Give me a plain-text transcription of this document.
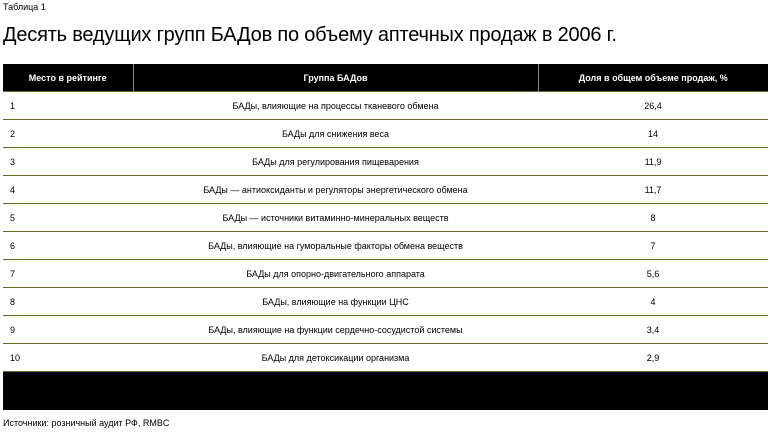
Таблица 1
Десять ведущих групп БАДов по объему аптечных продаж в 2006 г.
Место в рейтинге	Группа БАДов	Доля в общем объеме продаж, %
1	БАДы, влияющие на процессы тканевого обмена	26,4
2	БАДы для снижения веса	14
3	БАДы для регулирования пищеварения	11,9
4	БАДы — антиоксиданты и регуляторы энергетического обмена	11,7
5	БАДы — источники витаминно-минеральных веществ	8
6	БАДы, влияющие на гуморальные факторы обмена веществ	7
7	БАДы для опорно-двигательного аппарата	5,6
8	БАДы, влияющие на функции ЦНС	4
9	БАДы, влияющие на функции сердечно-сосудистой системы	3,4
10	БАДы для детоксикации организма	2,9

Источники: розничный аудит РФ, RMBC
